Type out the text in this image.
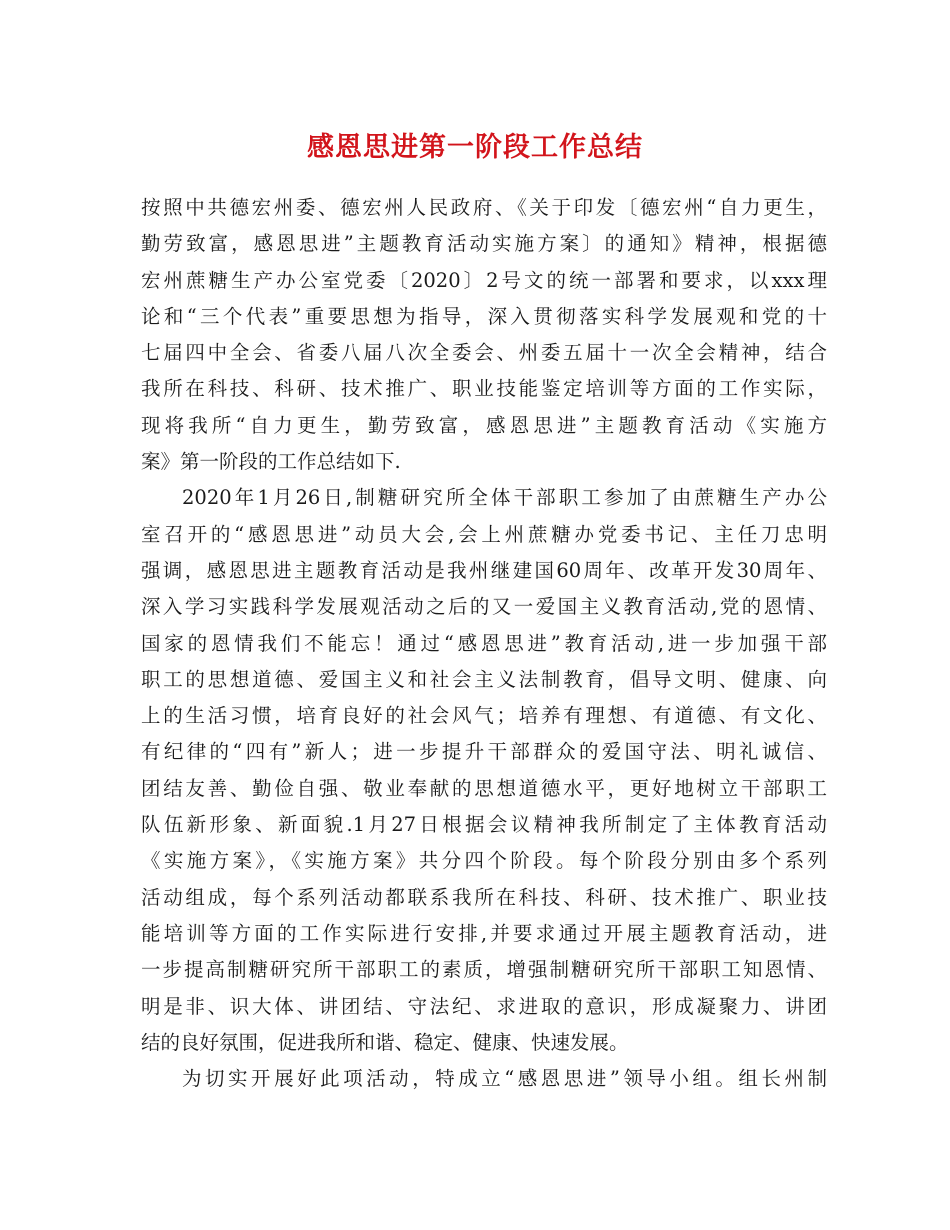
感恩思进第一阶段工作总结
按照中共德宏州委、德宏州人民政府、《关于印发〔德宏州“自力更生，
勤劳致富，感恩思进”主题教育活动实施方案〕的通知》精神，根据德
宏州蔗糖生产办公室党委〔2020〕2号文的统一部署和要求，以xxx理
论和“三个代表”重要思想为指导，深入贯彻落实科学发展观和党的十
七届四中全会、省委八届八次全委会、州委五届十一次全会精神，结合
我所在科技、科研、技术推广、职业技能鉴定培训等方面的工作实际，
现将我所“自力更生，勤劳致富，感恩思进”主题教育活动《实施方
案》第一阶段的工作总结如下.
2020年1月26日,制糖研究所全体干部职工参加了由蔗糖生产办公
室召开的“感恩思进”动员大会,会上州蔗糖办党委书记、主任刀忠明
强调，感恩思进主题教育活动是我州继建国60周年、改革开发30周年、
深入学习实践科学发展观活动之后的又一爱国主义教育活动,党的恩情、
国家的恩情我们不能忘！通过“感恩思进”教育活动,进一步加强干部
职工的思想道德、爱国主义和社会主义法制教育，倡导文明、健康、向
上的生活习惯，培育良好的社会风气；培养有理想、有道德、有文化、
有纪律的“四有”新人；进一步提升干部群众的爱国守法、明礼诚信、
团结友善、勤俭自强、敬业奉献的思想道德水平，更好地树立干部职工
队伍新形象、新面貌.1月27日根据会议精神我所制定了主体教育活动
《实施方案》，《实施方案》共分四个阶段。每个阶段分别由多个系列
活动组成，每个系列活动都联系我所在科技、科研、技术推广、职业技
能培训等方面的工作实际进行安排,并要求通过开展主题教育活动，进
一步提高制糖研究所干部职工的素质，增强制糖研究所干部职工知恩情、
明是非、识大体、讲团结、守法纪、求进取的意识，形成凝聚力、讲团
结的良好氛围，促进我所和谐、稳定、健康、快速发展。
为切实开展好此项活动，特成立“感恩思进”领导小组。组长州制
